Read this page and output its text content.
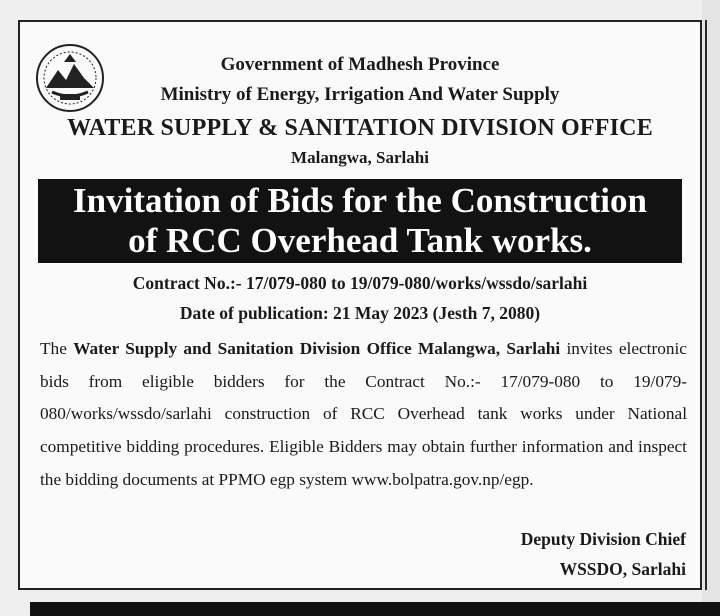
Government of Madhesh Province
Ministry of Energy, Irrigation And Water Supply
WATER SUPPLY & SANITATION DIVISION OFFICE
Malangwa, Sarlahi
Invitation of Bids for the Construction
of RCC Overhead Tank works.
Contract No.:- 17/079-080 to 19/079-080/works/wssdo/sarlahi
Date of publication: 21 May 2023 (Jesth 7, 2080)
The Water Supply and Sanitation Division Office Malangwa, Sarlahi invites electronic bids from eligible bidders for the Contract No.:- 17/079-080 to 19/079-080/works/wssdo/sarlahi construction of RCC Overhead tank works under National competitive bidding procedures. Eligible Bidders may obtain further information and inspect the bidding documents at PPMO egp system www.bolpatra.gov.np/egp.
Deputy Division Chief
WSSDO, Sarlahi
